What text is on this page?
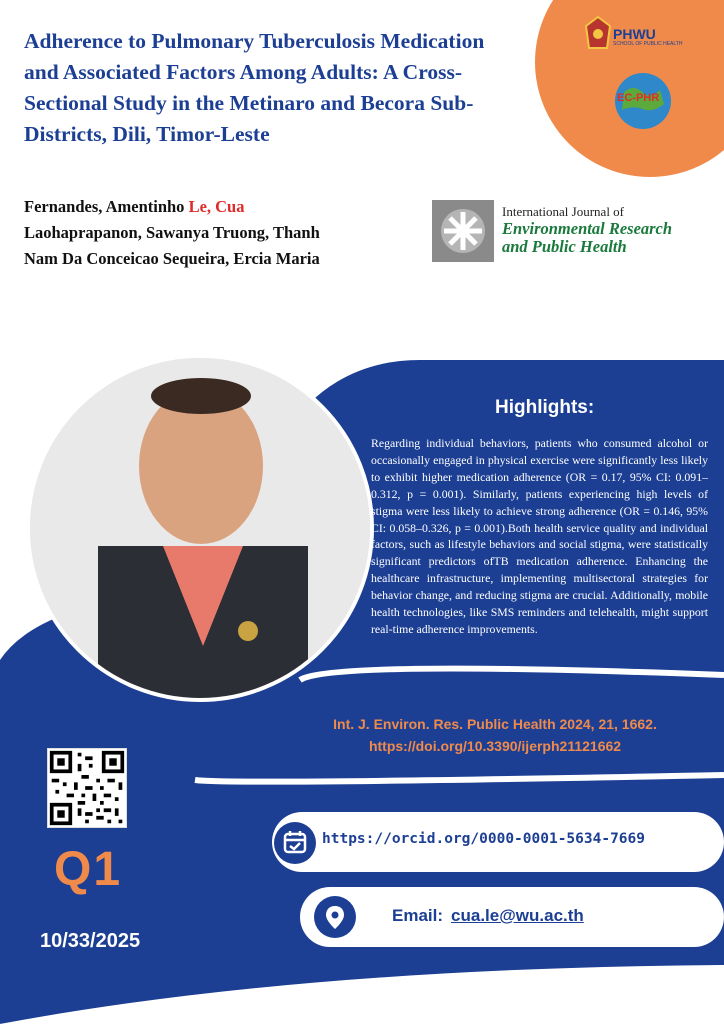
Adherence to Pulmonary Tuberculosis Medication and Associated Factors Among Adults: A Cross-Sectional Study in the Metinaro and Becora Sub-Districts, Dili, Timor-Leste
Fernandes, Amentinho Le, Cua
Laohaprapanon, Sawanya Truong, Thanh
Nam Da Conceicao Sequeira, Ercia Maria
International Journal of
Environmental Research
and Public Health
PHWU
SCHOOL OF PUBLIC HEALTH
EC-PHR
Highlights:
Regarding individual behaviors, patients who consumed alcohol or occasionally engaged in physical exercise were significantly less likely to exhibit higher medication adherence (OR = 0.17, 95% CI: 0.091–0.312, p = 0.001). Similarly, patients experiencing high levels of stigma were less likely to achieve strong adherence (OR = 0.146, 95% CI: 0.058–0.326, p = 0.001).Both health service quality and individual factors, such as lifestyle behaviors and social stigma, were statistically significant predictors ofTB medication adherence. Enhancing the healthcare infrastructure, implementing multisectoral strategies for behavior change, and reducing stigma are crucial. Additionally, mobile health technologies, like SMS reminders and telehealth, might support real-time adherence improvements.
Int. J. Environ. Res. Public Health 2024, 21, 1662.
https://doi.org/10.3390/ijerph21121662
https://orcid.org/0000-0001-5634-7669
Email: cua.le@wu.ac.th
Q1
10/33/2025
